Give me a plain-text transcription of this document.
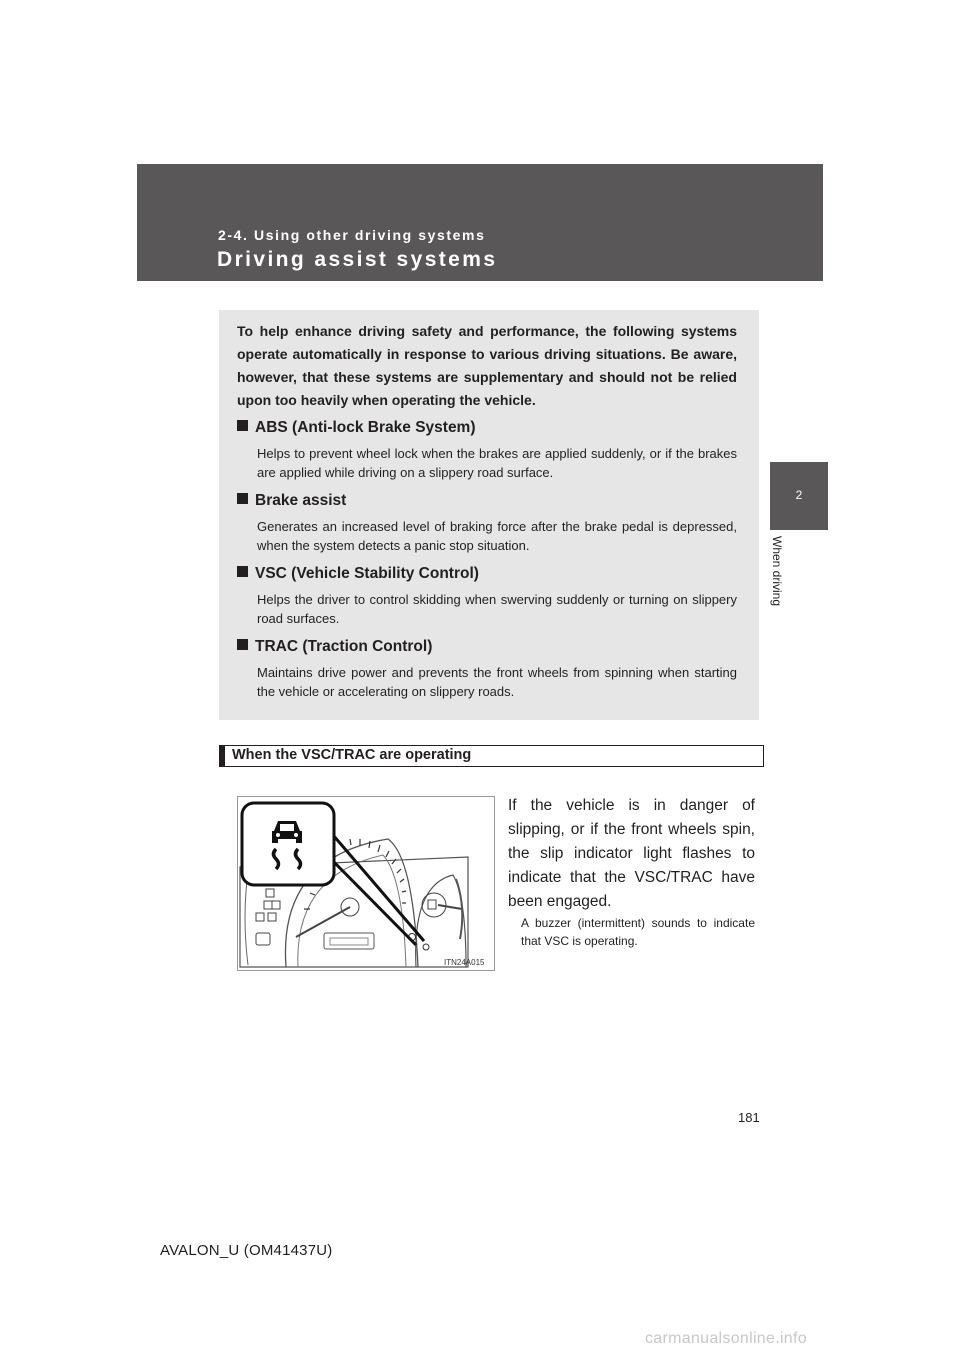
2-4. Using other driving systems
Driving assist systems
2
When driving

To help enhance driving safety and performance, the following systems operate automatically in response to various driving situations. Be aware, however, that these systems are supplementary and should not be relied upon too heavily when operating the vehicle.

ABS (Anti-lock Brake System)

Helps to prevent wheel lock when the brakes are applied suddenly, or if the brakes are applied while driving on a slippery road surface.

Brake assist

Generates an increased level of braking force after the brake pedal is depressed, when the system detects a panic stop situation.

VSC (Vehicle Stability Control)

Helps the driver to control skidding when swerving suddenly or turning on slippery road surfaces.

TRAC (Traction Control)

Maintains drive power and prevents the front wheels from spinning when starting the vehicle or accelerating on slippery roads.

When the VSC/TRAC are operating
ITN24A015

If the vehicle is in danger of slipping, or if the front wheels spin, the slip indicator light flashes to indicate that the VSC/TRAC have been engaged.

A buzzer (intermittent) sounds to indicate that VSC is operating.

181
AVALON_U (OM41437U)
carmanualsonline.info
